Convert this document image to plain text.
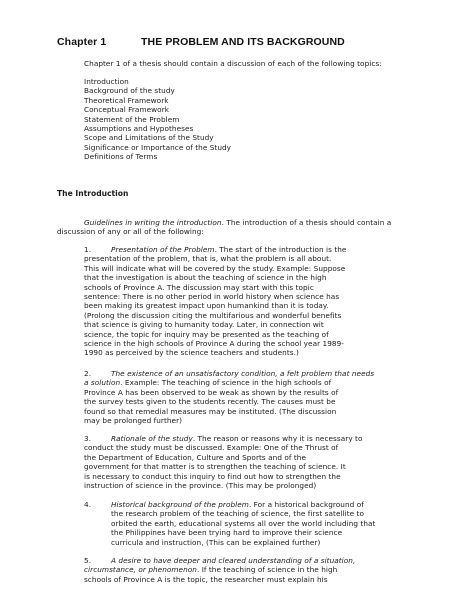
Chapter 1	THE PROBLEM AND ITS BACKGROUND
Chapter 1 of a thesis should contain a discussion of each of the following topics:
Introduction
Background of the study
Theoretical Framework
Conceptual Framework
Statement of the Problem
Assumptions and Hypotheses
Scope and Limitations of the Study
Significance or Importance of the Study
Definitions of Terms
The Introduction
Guidelines in writing the introduction. The introduction of a thesis should contain a
discussion of any or all of the following:
1.	Presentation of the Problem. The start of the introduction is the
presentation of the problem, that is, what the problem is all about.
This will indicate what will be covered by the study. Example: Suppose
that the investigation is about the teaching of science in the high
schools of Province A. The discussion may start with this topic
sentence: There is no other period in world history when science has
been making its greatest impact upon humankind than it is today.
(Prolong the discussion citing the multifarious and wonderful benefits
that science is giving to humanity today. Later, in connection wit
science, the topic for inquiry may be presented as the teaching of
science in the high schools of Province A during the school year 1989-
1990 as perceived by the science teachers and students.)
2.	The existence of an unsatisfactory condition, a felt problem that needs
a solution. Example: The teaching of science in the high schools of
Province A has been observed to be weak as shown by the results of
the survey tests given to the students recently. The causes must be
found so that remedial measures may be instituted. (The discussion
may be prolonged further)
3.	Rationale of the study. The reason or reasons why it is necessary to
conduct the study must be discussed. Example: One of the Thrust of
the Department of Education, Culture and Sports and of the
government for that matter is to strengthen the teaching of science. It
is necessary to conduct this inquiry to find out how to strengthen the
instruction of science in the province. (This may be prolonged)
4.	Historical background of the problem. For a historical background of
the research problem of the teaching of science, the first satellite to
orbited the earth, educational systems all over the world including that
the Philippines have been trying hard to improve their science
curricula and instruction, (This can be explained further)
5.	A desire to have deeper and cleared understanding of a situation,
circumstance, or phenomenon. If the teaching of science in the high
schools of Province A is the topic, the researcher must explain his
